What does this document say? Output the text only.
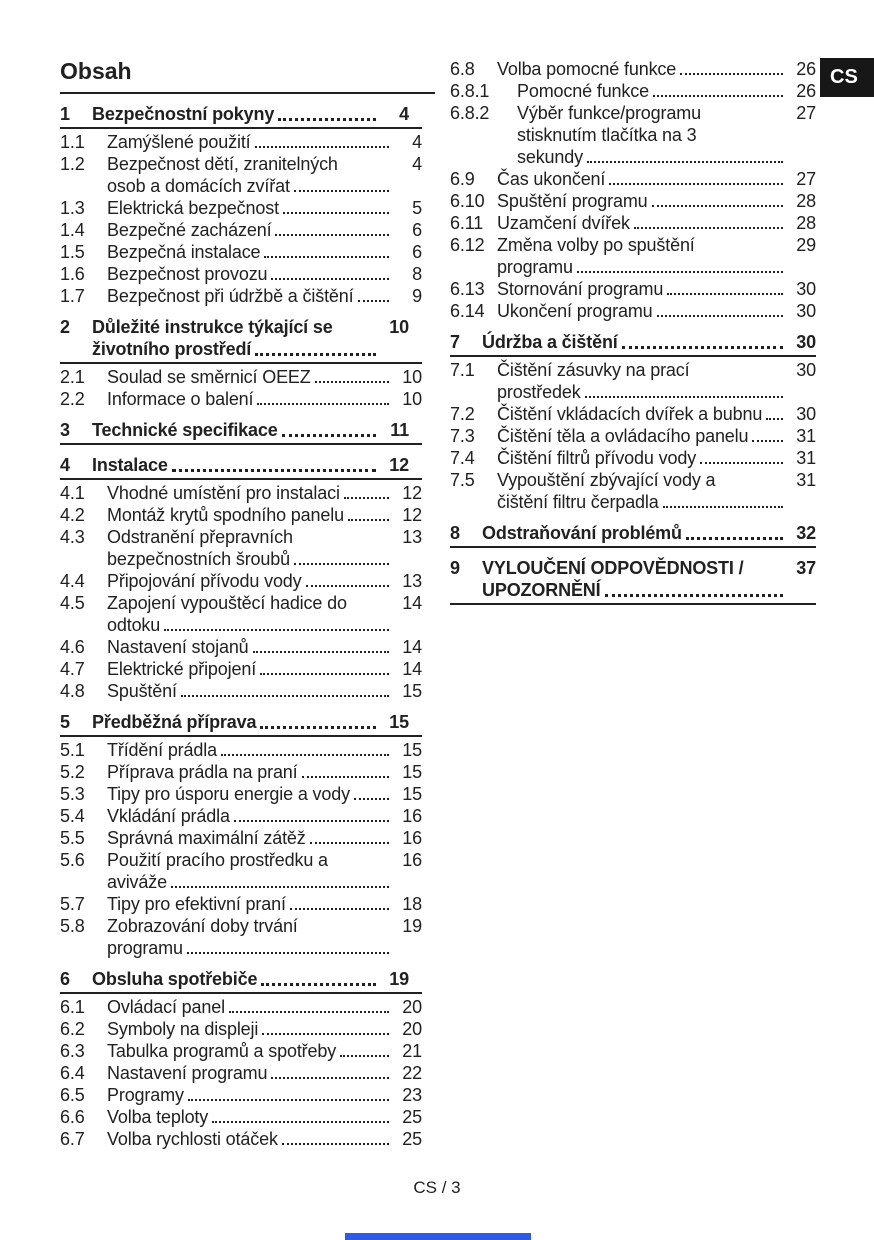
CS
Obsah
1	Bezpečnostní pokyny	4
1.1	Zamýšlené použití	4
1.2	Bezpečnost dětí, zranitelných	4
osob a domácích zvířat
1.3	Elektrická bezpečnost	5
1.4	Bezpečné zacházení	6
1.5	Bezpečná instalace	6
1.6	Bezpečnost provozu	8
1.7	Bezpečnost při údržbě a čištění	9
2	Důležité instrukce týkající se	10
životního prostředí
2.1	Soulad se směrnicí OEEZ	10
2.2	Informace o balení	10
3	Technické specifikace	11
4	Instalace	12
4.1	Vhodné umístění pro instalaci	12
4.2	Montáž krytů spodního panelu	12
4.3	Odstranění přepravních	13
bezpečnostních šroubů
4.4	Připojování přívodu vody	13
4.5	Zapojení vypouštěcí hadice do	14
odtoku
4.6	Nastavení stojanů	14
4.7	Elektrické připojení	14
4.8	Spuštění	15
5	Předběžná příprava	15
5.1	Třídění prádla	15
5.2	Příprava prádla na praní	15
5.3	Tipy pro úsporu energie a vody	15
5.4	Vkládání prádla	16
5.5	Správná maximální zátěž	16
5.6	Použití pracího prostředku a	16
aviváže
5.7	Tipy pro efektivní praní	18
5.8	Zobrazování doby trvání	19
programu
6	Obsluha spotřebiče	19
6.1	Ovládací panel	20
6.2	Symboly na displeji	20
6.3	Tabulka programů a spotřeby	21
6.4	Nastavení programu	22
6.5	Programy	23
6.6	Volba teploty	25
6.7	Volba rychlosti otáček	25
6.8	Volba pomocné funkce	26
6.8.1	Pomocné funkce	26
6.8.2	Výběr funkce/programu	27
stisknutím tlačítka na 3
sekundy
6.9	Čas ukončení	27
6.10 Spuštění programu	28
6.11 Uzamčení dvířek	28
6.12 Změna volby po spuštění	29
programu
6.13 Stornování programu	30
6.14 Ukončení programu	30
7	Údržba a čištění	30
7.1	Čištění zásuvky na prací	30
prostředek
7.2	Čištění vkládacích dvířek a bubnu	30
7.3	Čištění těla a ovládacího panelu	31
7.4	Čištění filtrů přívodu vody	31
7.5	Vypouštění zbývající vody a	31
čištění filtru čerpadla
8	Odstraňování problémů	32
9	VYLOUČENÍ ODPOVĚDNOSTI /	37
UPOZORNĚNÍ
CS / 3
